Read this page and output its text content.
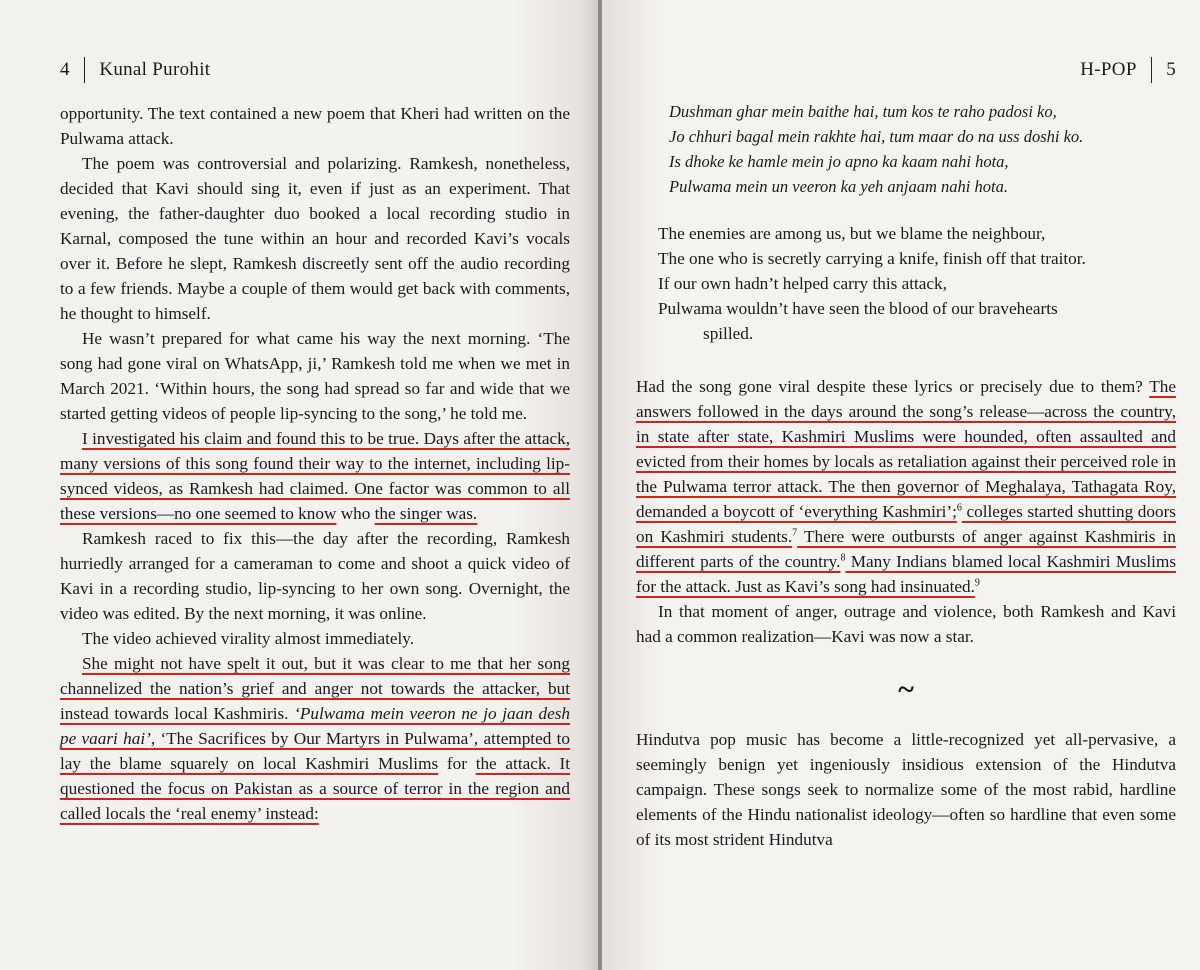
4 Kunal Purohit

opportunity. The text contained a new poem that Kheri had written on the Pulwama attack.

The poem was controversial and polarizing. Ramkesh, nonetheless, decided that Kavi should sing it, even if just as an experiment. That evening, the father-daughter duo booked a local recording studio in Karnal, composed the tune within an hour and recorded Kavi’s vocals over it. Before he slept, Ramkesh discreetly sent off the audio recording to a few friends. Maybe a couple of them would get back with comments, he thought to himself.

He wasn’t prepared for what came his way the next morning. ‘The song had gone viral on WhatsApp, ji,’ Ramkesh told me when we met in March 2021. ‘Within hours, the song had spread so far and wide that we started getting videos of people lip-syncing to the song,’ he told me.

I investigated his claim and found this to be true. Days after the attack, many versions of this song found their way to the internet, including lip-synced videos, as Ramkesh had claimed. One factor was common to all these versions—no one seemed to know who the singer was.

Ramkesh raced to fix this—the day after the recording, Ramkesh hurriedly arranged for a cameraman to come and shoot a quick video of Kavi in a recording studio, lip-syncing to her own song. Overnight, the video was edited. By the next morning, it was online.

The video achieved virality almost immediately.

She might not have spelt it out, but it was clear to me that her song channelized the nation’s grief and anger not towards the attacker, but instead towards local Kashmiris. ‘Pulwama mein veeron ne jo jaan desh pe vaari hai’, ‘The Sacrifices by Our Martyrs in Pulwama’, attempted to lay the blame squarely on local Kashmiri Muslims for the attack. It questioned the focus on Pakistan as a source of terror in the region and called locals the ‘real enemy’ instead:

H-POP 5
Dushman ghar mein baithe hai, tum kos te raho padosi ko,
Jo chhuri bagal mein rakhte hai, tum maar do na uss doshi ko.
Is dhoke ke hamle mein jo apno ka kaam nahi hota,
Pulwama mein un veeron ka yeh anjaam nahi hota.
The enemies are among us, but we blame the neighbour,
The one who is secretly carrying a knife, finish off that traitor.
If our own hadn’t helped carry this attack,
Pulwama wouldn’t have seen the blood of our bravehearts
spilled.

Had the song gone viral despite these lyrics or precisely due to them? The answers followed in the days around the song’s release—across the country, in state after state, Kashmiri Muslims were hounded, often assaulted and evicted from their homes by locals as retaliation against their perceived role in the Pulwama terror attack. The then governor of Meghalaya, Tathagata Roy, demanded a boycott of ‘everything Kashmiri’;$^6$ colleges started shutting doors on Kashmiri students.$^7$ There were outbursts of anger against Kashmiris in different parts of the country.$^8$ Many Indians blamed local Kashmiri Muslims for the attack. Just as Kavi’s song had insinuated.$^9$

In that moment of anger, outrage and violence, both Ramkesh and Kavi had a common realization—Kavi was now a star.

~

Hindutva pop music has become a little-recognized yet all-pervasive, a seemingly benign yet ingeniously insidious extension of the Hindutva campaign. These songs seek to normalize some of the most rabid, hardline elements of the Hindu nationalist ideology—often so hardline that even some of its most strident Hindutva
